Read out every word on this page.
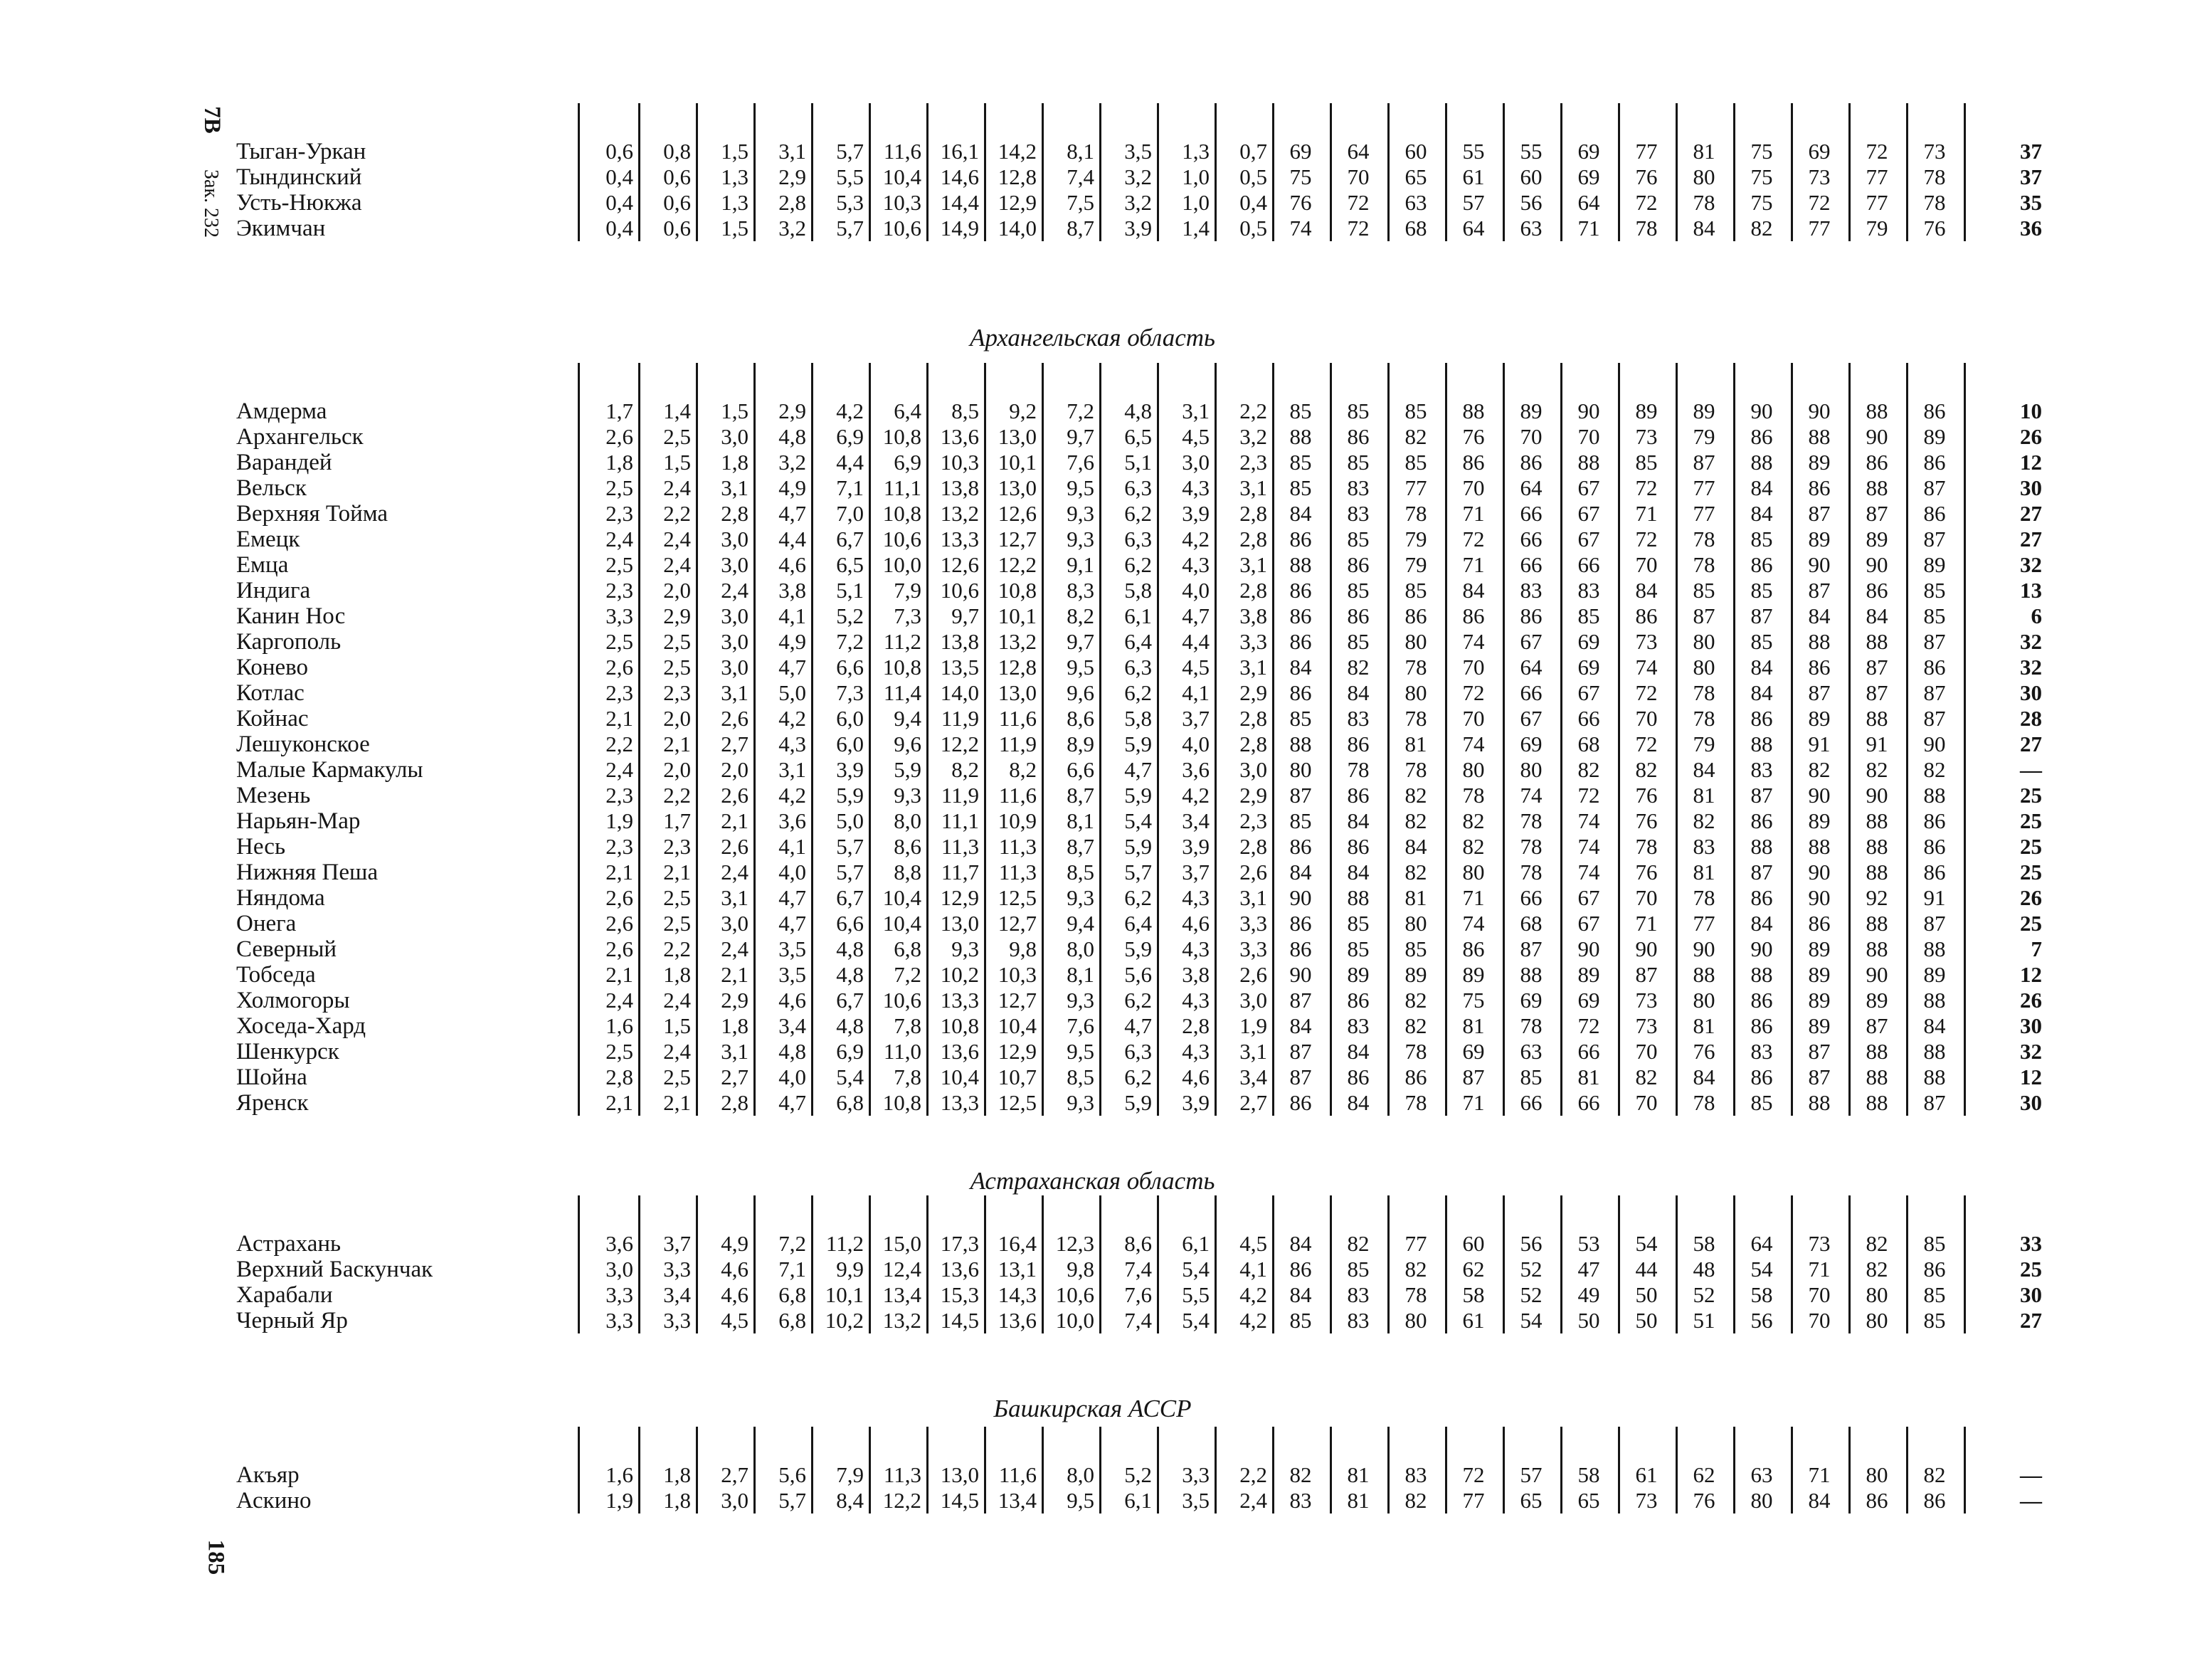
7В
Зак. 232
185
Архангельская область
Астраханская область
Башкирская АССР
Тыган-Уркан	0,6	0,8	1,5	3,1	5,7 11,6 16,1 14,2	8,1	3,5	1,3	0,7	69	64	60	55	55	69	77	81	75	69	72	73	37
Тындинский	0,4	0,6	1,3	2,9	5,5 10,4 14,6 12,8	7,4	3,2	1,0	0,5	75	70	65	61	60	69	76	80	75	73	77	78	37
Усть-Нюкжа	0,4	0,6	1,3	2,8	5,3 10,3 14,4 12,9	7,5	3,2	1,0	0,4	76	72	63	57	56	64	72	78	75	72	77	78	35
Экимчан	0,4	0,6	1,5	3,2	5,7 10,6 14,9 14,0	8,7	3,9	1,4	0,5	74	72	68	64	63	71	78	84	82	77	79	76	36
Амдерма	1,7	1,4	1,5	2,9	4,2	6,4	8,5	9,2	7,2	4,8	3,1	2,2	85	85	85	88	89	90	89	89	90	90	88	86	10
Архангельск	2,6	2,5	3,0	4,8	6,9 10,8 13,6 13,0	9,7	6,5	4,5	3,2	88	86	82	76	70	70	73	79	86	88	90	89	26
Варандей	1,8	1,5	1,8	3,2	4,4	6,9 10,3 10,1	7,6	5,1	3,0	2,3	85	85	85	86	86	88	85	87	88	89	86	86	12
Вельск	2,5	2,4	3,1	4,9	7,1 11,1 13,8 13,0	9,5	6,3	4,3	3,1	85	83	77	70	64	67	72	77	84	86	88	87	30
Верхняя Тойма	2,3	2,2	2,8	4,7	7,0 10,8 13,2 12,6	9,3	6,2	3,9	2,8	84	83	78	71	66	67	71	77	84	87	87	86	27
Емецк	2,4	2,4	3,0	4,4	6,7 10,6 13,3 12,7	9,3	6,3	4,2	2,8	86	85	79	72	66	67	72	78	85	89	89	87	27
Емца	2,5	2,4	3,0	4,6	6,5 10,0 12,6 12,2	9,1	6,2	4,3	3,1	88	86	79	71	66	66	70	78	86	90	90	89	32
Индига	2,3	2,0	2,4	3,8	5,1	7,9 10,6 10,8	8,3	5,8	4,0	2,8	86	85	85	84	83	83	84	85	85	87	86	85	13
Канин Нос	3,3	2,9	3,0	4,1	5,2	7,3	9,7 10,1	8,2	6,1	4,7	3,8	86	86	86	86	86	85	86	87	87	84	84	85	6
Каргополь	2,5	2,5	3,0	4,9	7,2 11,2 13,8 13,2	9,7	6,4	4,4	3,3	86	85	80	74	67	69	73	80	85	88	88	87	32
Конево	2,6	2,5	3,0	4,7	6,6 10,8 13,5 12,8	9,5	6,3	4,5	3,1	84	82	78	70	64	69	74	80	84	86	87	86	32
Котлас	2,3	2,3	3,1	5,0	7,3 11,4 14,0 13,0	9,6	6,2	4,1	2,9	86	84	80	72	66	67	72	78	84	87	87	87	30
Койнас	2,1	2,0	2,6	4,2	6,0	9,4 11,9 11,6	8,6	5,8	3,7	2,8	85	83	78	70	67	66	70	78	86	89	88	87	28
Лешуконское	2,2	2,1	2,7	4,3	6,0	9,6 12,2 11,9	8,9	5,9	4,0	2,8	88	86	81	74	69	68	72	79	88	91	91	90	27
Малые Кармакулы	2,4	2,0	2,0	3,1	3,9	5,9	8,2	8,2	6,6	4,7	3,6	3,0	80	78	78	80	80	82	82	84	83	82	82	82	—
Мезень	2,3	2,2	2,6	4,2	5,9	9,3 11,9 11,6	8,7	5,9	4,2	2,9	87	86	82	78	74	72	76	81	87	90	90	88	25
Нарьян-Мар	1,9	1,7	2,1	3,6	5,0	8,0 11,1 10,9	8,1	5,4	3,4	2,3	85	84	82	82	78	74	76	82	86	89	88	86	25
Несь	2,3	2,3	2,6	4,1	5,7	8,6 11,3 11,3	8,7	5,9	3,9	2,8	86	86	84	82	78	74	78	83	88	88	88	86	25
Нижняя Пеша	2,1	2,1	2,4	4,0	5,7	8,8 11,7 11,3	8,5	5,7	3,7	2,6	84	84	82	80	78	74	76	81	87	90	88	86	25
Няндома	2,6	2,5	3,1	4,7	6,7 10,4 12,9 12,5	9,3	6,2	4,3	3,1	90	88	81	71	66	67	70	78	86	90	92	91	26
Онега	2,6	2,5	3,0	4,7	6,6 10,4 13,0 12,7	9,4	6,4	4,6	3,3	86	85	80	74	68	67	71	77	84	86	88	87	25
Северный	2,6	2,2	2,4	3,5	4,8	6,8	9,3	9,8	8,0	5,9	4,3	3,3	86	85	85	86	87	90	90	90	90	89	88	88	7
Тобседа	2,1	1,8	2,1	3,5	4,8	7,2 10,2 10,3	8,1	5,6	3,8	2,6	90	89	89	89	88	89	87	88	88	89	90	89	12
Холмогоры	2,4	2,4	2,9	4,6	6,7 10,6 13,3 12,7	9,3	6,2	4,3	3,0	87	86	82	75	69	69	73	80	86	89	89	88	26
Хоседа-Хард	1,6	1,5	1,8	3,4	4,8	7,8 10,8 10,4	7,6	4,7	2,8	1,9	84	83	82	81	78	72	73	81	86	89	87	84	30
Шенкурск	2,5	2,4	3,1	4,8	6,9 11,0 13,6 12,9	9,5	6,3	4,3	3,1	87	84	78	69	63	66	70	76	83	87	88	88	32
Шойна	2,8	2,5	2,7	4,0	5,4	7,8 10,4 10,7	8,5	6,2	4,6	3,4	87	86	86	87	85	81	82	84	86	87	88	88	12
Яренск	2,1	2,1	2,8	4,7	6,8 10,8 13,3 12,5	9,3	5,9	3,9	2,7	86	84	78	71	66	66	70	78	85	88	88	87	30
Астрахань	3,6	3,7	4,9	7,2 11,2 15,0 17,3 16,4 12,3	8,6	6,1	4,5	84	82	77	60	56	53	54	58	64	73	82	85	33
Верхний Баскунчак	3,0	3,3	4,6	7,1	9,9 12,4 13,6 13,1	9,8	7,4	5,4	4,1	86	85	82	62	52	47	44	48	54	71	82	86	25
Харабали	3,3	3,4	4,6	6,8 10,1 13,4 15,3 14,3 10,6	7,6	5,5	4,2	84	83	78	58	52	49	50	52	58	70	80	85	30
Черный Яр	3,3	3,3	4,5	6,8 10,2 13,2 14,5 13,6 10,0	7,4	5,4	4,2	85	83	80	61	54	50	50	51	56	70	80	85	27
Акъяр	1,6	1,8	2,7	5,6	7,9 11,3 13,0 11,6	8,0	5,2	3,3	2,2	82	81	83	72	57	58	61	62	63	71	80	82	—
Аскино	1,9	1,8	3,0	5,7	8,4 12,2 14,5 13,4	9,5	6,1	3,5	2,4	83	81	82	77	65	65	73	76	80	84	86	86	—
